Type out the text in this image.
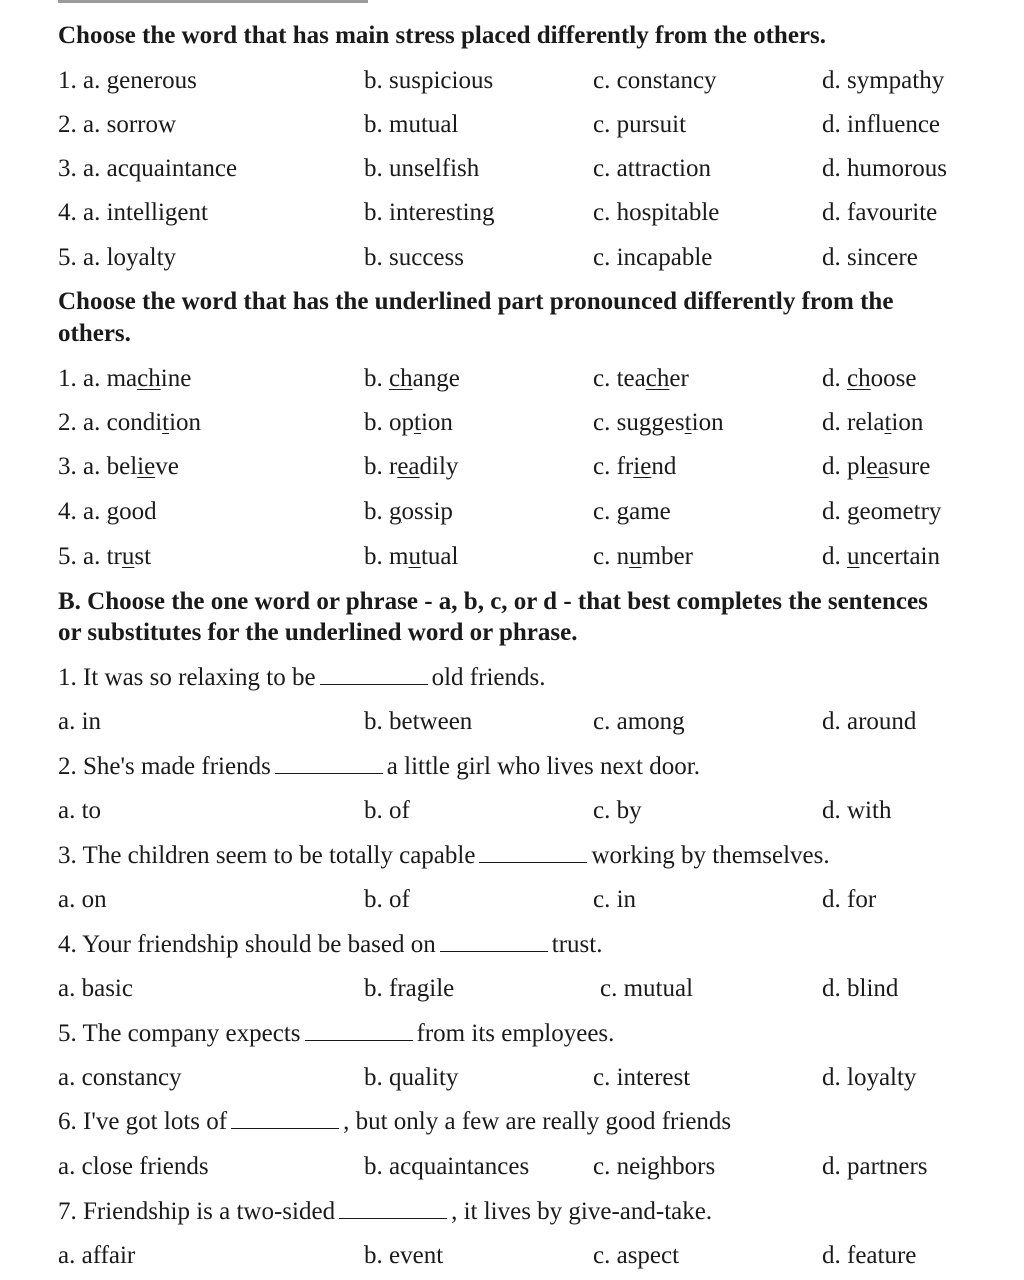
Choose the word that has main stress placed differently from the others.
1. a. generous	b. suspicious	c. constancy	d. sympathy
2. a. sorrow	b. mutual	c. pursuit	d. influence
3. a. acquaintance	b. unselfish	c. attraction	d. humorous
4. a. intelligent	b. interesting	c. hospitable	d. favourite
5. a. loyalty	b. success	c. incapable	d. sincere
Choose the word that has the underlined part pronounced differently from the
others.
1. a. machine	b. change	c. teacher	d. choose
2. a. condition	b. option	c. suggestion	d. relation
3. a. believe	b. readily	c. friend	d. pleasure
4. a. good	b. gossip	c. game	d. geometry
5. a. trust	b. mutual	c. number	d. uncertain
B. Choose the one word or phrase - a, b, c, or d - that best completes the sentences
or substitutes for the underlined word or phrase.
1. It was so relaxing to be	old friends.
a. in	b. between	c. among	d. around
2. She's made friends	a little girl who lives next door.
a. to	b. of	c. by	d. with
3. The children seem to be totally capable	working by themselves.
a. on	b. of	c. in	d. for
4. Your friendship should be based on	trust.
a. basic	b. fragile	c. mutual	d. blind
5. The company expects	from its employees.
a. constancy	b. quality	c. interest	d. loyalty
6. I've got lots of	, but only a few are really good friends
a. close friends	b. acquaintances	c. neighbors	d. partners
7. Friendship is a two-sided	, it lives by give-and-take.
a. affair	b. event	c. aspect	d. feature
